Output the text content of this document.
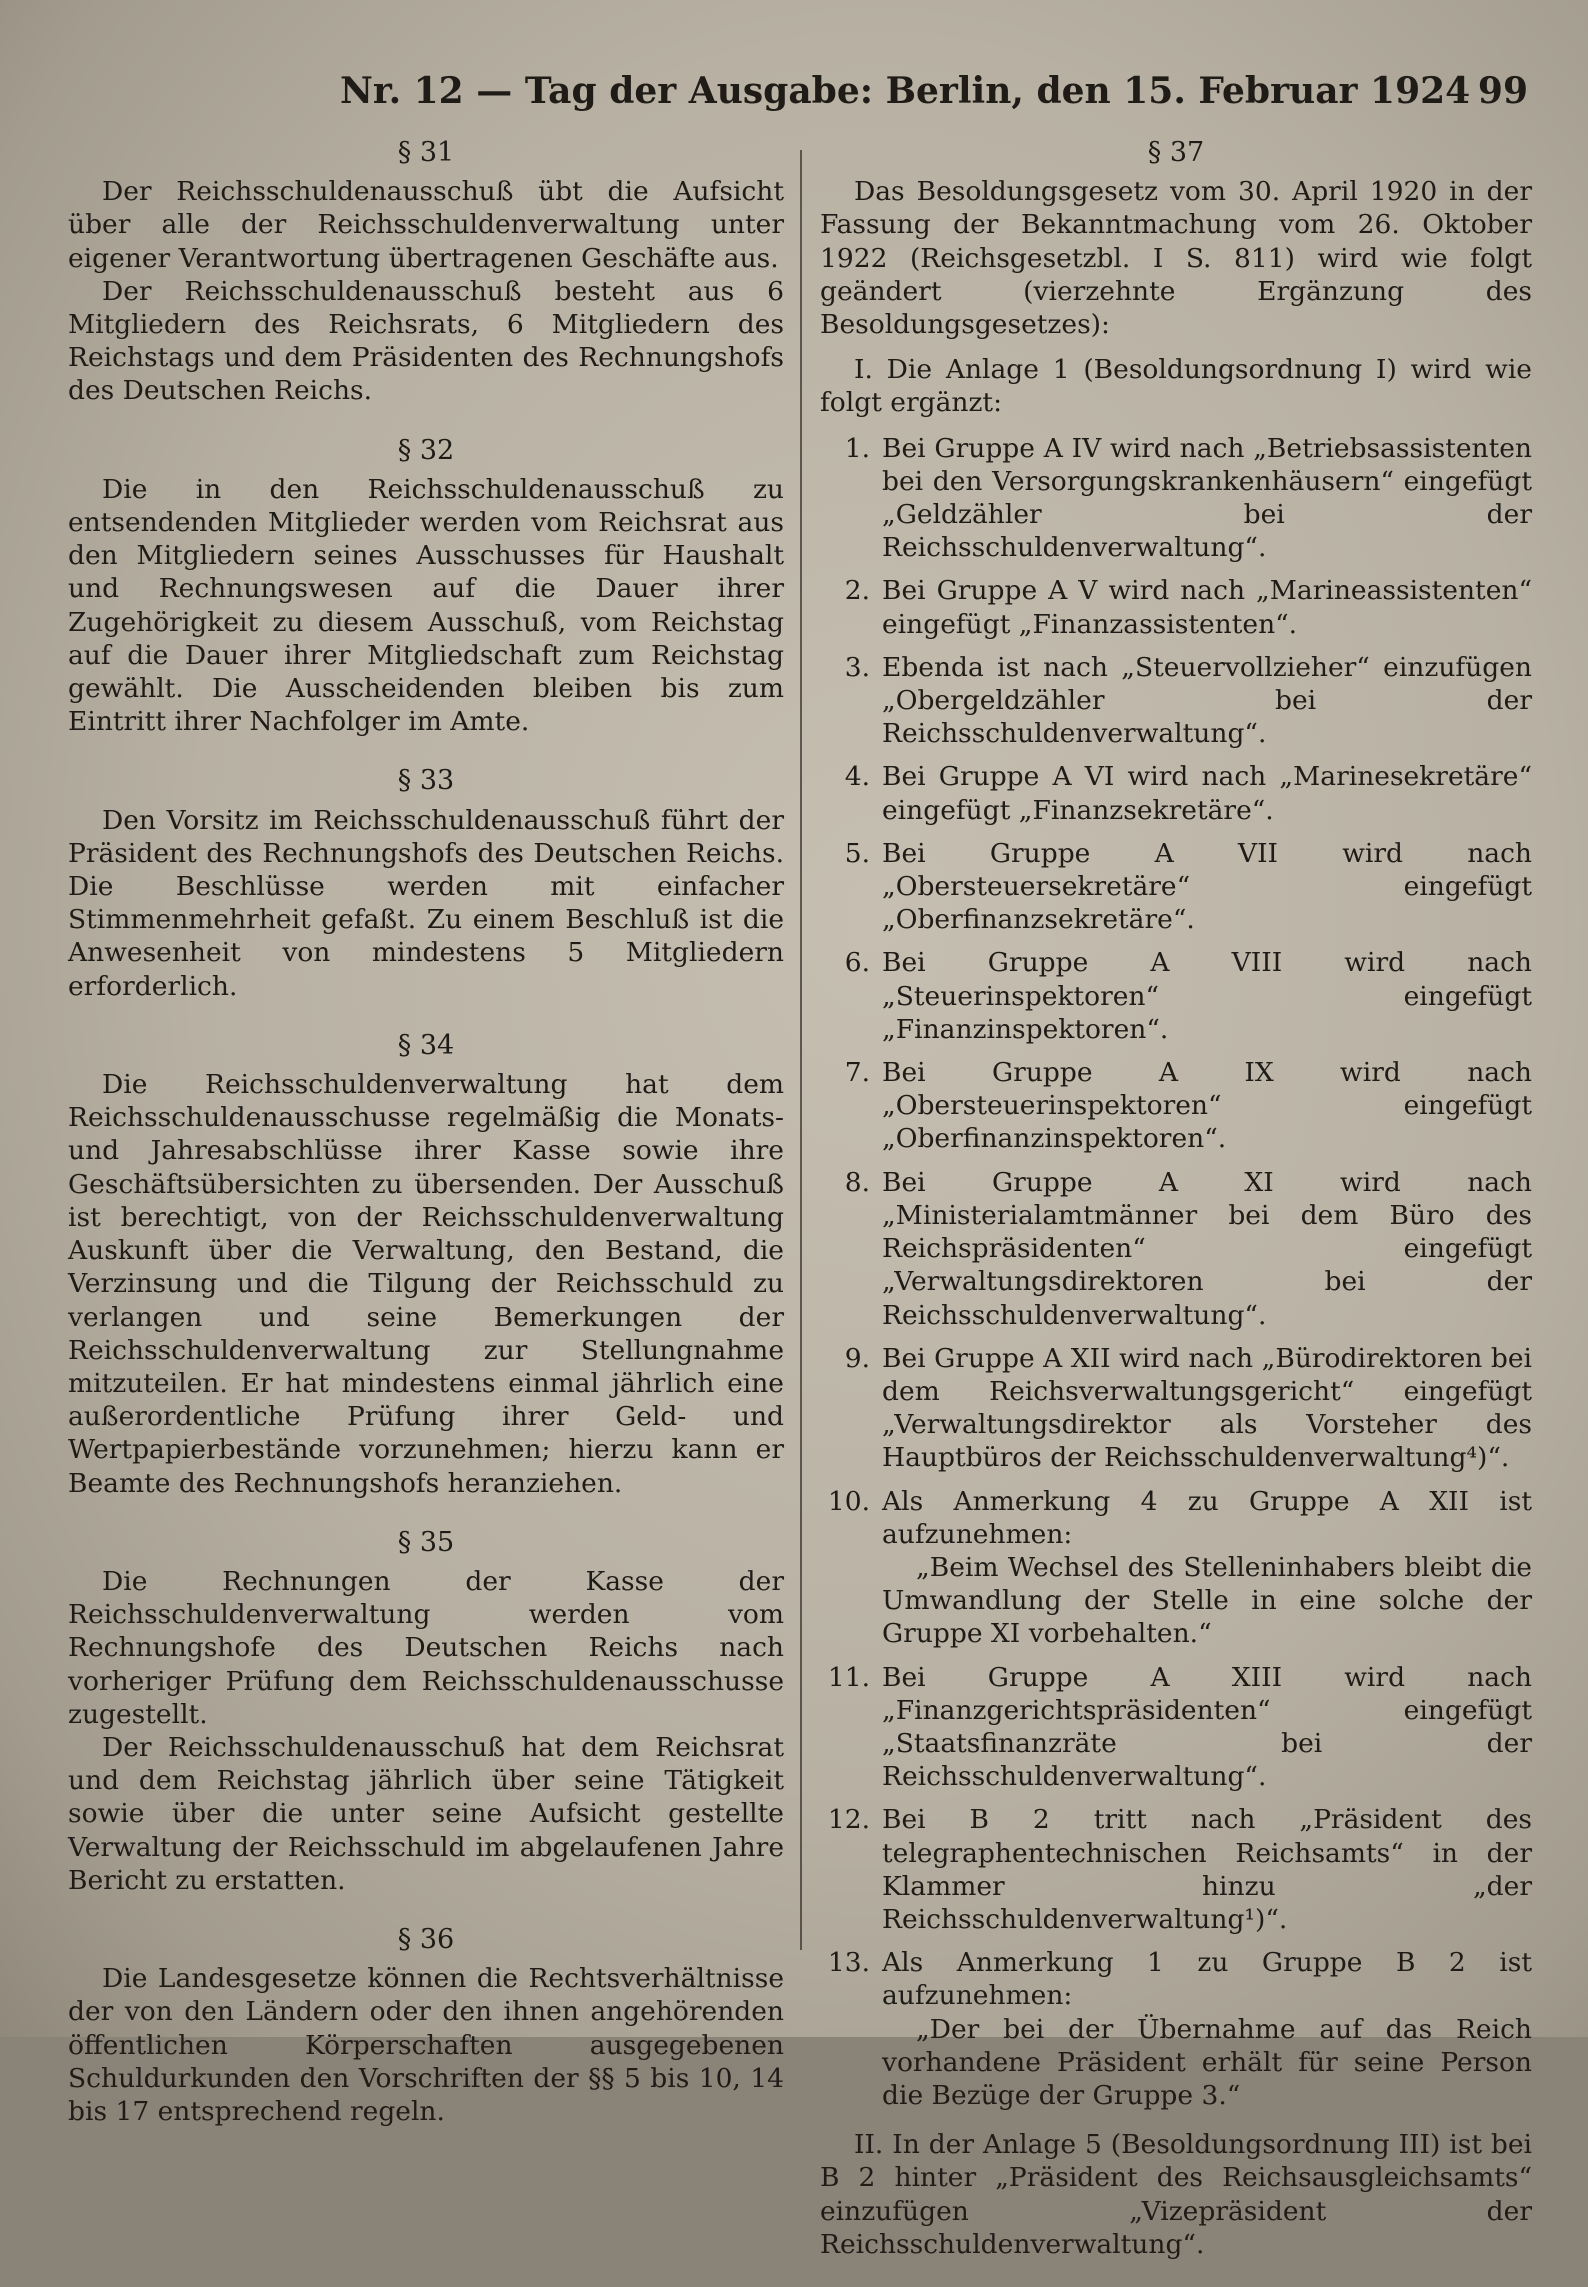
Nr. 12 — Tag der Ausgabe: Berlin, den 15. Februar 1924 99
§ 31

Der Reichsschuldenausschuß übt die Aufsicht über alle der Reichsschuldenverwaltung unter eigener Verantwortung übertragenen Geschäfte aus.

Der Reichsschuldenausschuß besteht aus 6 Mitgliedern des Reichsrats, 6 Mitgliedern des Reichstags und dem Präsidenten des Rechnungshofs des Deutschen Reichs.

§ 32

Die in den Reichsschuldenausschuß zu entsendenden Mitglieder werden vom Reichsrat aus den Mitgliedern seines Ausschusses für Haushalt und Rechnungswesen auf die Dauer ihrer Zugehörigkeit zu diesem Ausschuß, vom Reichstag auf die Dauer ihrer Mitgliedschaft zum Reichstag gewählt. Die Ausscheidenden bleiben bis zum Eintritt ihrer Nachfolger im Amte.

§ 33

Den Vorsitz im Reichsschuldenausschuß führt der Präsident des Rechnungshofs des Deutschen Reichs. Die Beschlüsse werden mit einfacher Stimmenmehrheit gefaßt. Zu einem Beschluß ist die Anwesenheit von mindestens 5 Mitgliedern erforderlich.

§ 34

Die Reichsschuldenverwaltung hat dem Reichsschuldenausschusse regelmäßig die Monats- und Jahresabschlüsse ihrer Kasse sowie ihre Geschäftsübersichten zu übersenden. Der Ausschuß ist berechtigt, von der Reichsschuldenverwaltung Auskunft über die Verwaltung, den Bestand, die Verzinsung und die Tilgung der Reichsschuld zu verlangen und seine Bemerkungen der Reichsschuldenverwaltung zur Stellungnahme mitzuteilen. Er hat mindestens einmal jährlich eine außerordentliche Prüfung ihrer Geld- und Wertpapierbestände vorzunehmen; hierzu kann er Beamte des Rechnungshofs heranziehen.

§ 35

Die Rechnungen der Kasse der Reichsschuldenverwaltung werden vom Rechnungshofe des Deutschen Reichs nach vorheriger Prüfung dem Reichsschuldenausschusse zugestellt.

Der Reichsschuldenausschuß hat dem Reichsrat und dem Reichstag jährlich über seine Tätigkeit sowie über die unter seine Aufsicht gestellte Verwaltung der Reichsschuld im abgelaufenen Jahre Bericht zu erstatten.

§ 36

Die Landesgesetze können die Rechtsverhältnisse der von den Ländern oder den ihnen angehörenden öffentlichen Körperschaften ausgegebenen Schuldurkunden den Vorschriften der §§ 5 bis 10, 14 bis 17 entsprechend regeln.

§ 37

Das Besoldungsgesetz vom 30. April 1920 in der Fassung der Bekanntmachung vom 26. Oktober 1922 (Reichsgesetzbl. I S. 811) wird wie folgt geändert (vierzehnte Ergänzung des Besoldungsgesetzes):

I. Die Anlage 1 (Besoldungsordnung I) wird wie folgt ergänzt:

1. Bei Gruppe A IV wird nach „Betriebsassistenten bei den Versorgungskrankenhäusern“ eingefügt „Geldzähler bei der Reichsschuldenverwaltung“.
2. Bei Gruppe A V wird nach „Marineassistenten“ eingefügt „Finanzassistenten“.
3. Ebenda ist nach „Steuervollzieher“ einzufügen „Obergeldzähler bei der Reichsschuldenverwaltung“.
4. Bei Gruppe A VI wird nach „Marinesekretäre“ eingefügt „Finanzsekretäre“.
5. Bei Gruppe A VII wird nach „Obersteuersekretäre“ eingefügt „Oberfinanzsekretäre“.
6. Bei Gruppe A VIII wird nach „Steuerinspektoren“ eingefügt „Finanzinspektoren“.
7. Bei Gruppe A IX wird nach „Obersteuerinspektoren“ eingefügt „Oberfinanzinspektoren“.
8. Bei Gruppe A XI wird nach „Ministerialamtmänner bei dem Büro des Reichspräsidenten“ eingefügt „Verwaltungsdirektoren bei der Reichsschuldenverwaltung“.
9. Bei Gruppe A XII wird nach „Bürodirektoren bei dem Reichsverwaltungsgericht“ eingefügt „Verwaltungsdirektor als Vorsteher des Hauptbüros der Reichsschuldenverwaltung⁴)“.
10. Als Anmerkung 4 zu Gruppe A XII ist aufzunehmen:

„Beim Wechsel des Stelleninhabers bleibt die Umwandlung der Stelle in eine solche der Gruppe XI vorbehalten.“

11. Bei Gruppe A XIII wird nach „Finanzgerichtspräsidenten“ eingefügt „Staatsfinanzräte bei der Reichsschuldenverwaltung“.
12. Bei B 2 tritt nach „Präsident des telegraphentechnischen Reichsamts“ in der Klammer hinzu „der Reichsschuldenverwaltung¹)“.
13. Als Anmerkung 1 zu Gruppe B 2 ist aufzunehmen:

„Der bei der Übernahme auf das Reich vorhandene Präsident erhält für seine Person die Bezüge der Gruppe 3.“

II. In der Anlage 5 (Besoldungsordnung III) ist bei B 2 hinter „Präsident des Reichsausgleichsamts“ einzufügen „Vizepräsident der Reichsschuldenverwaltung“.
